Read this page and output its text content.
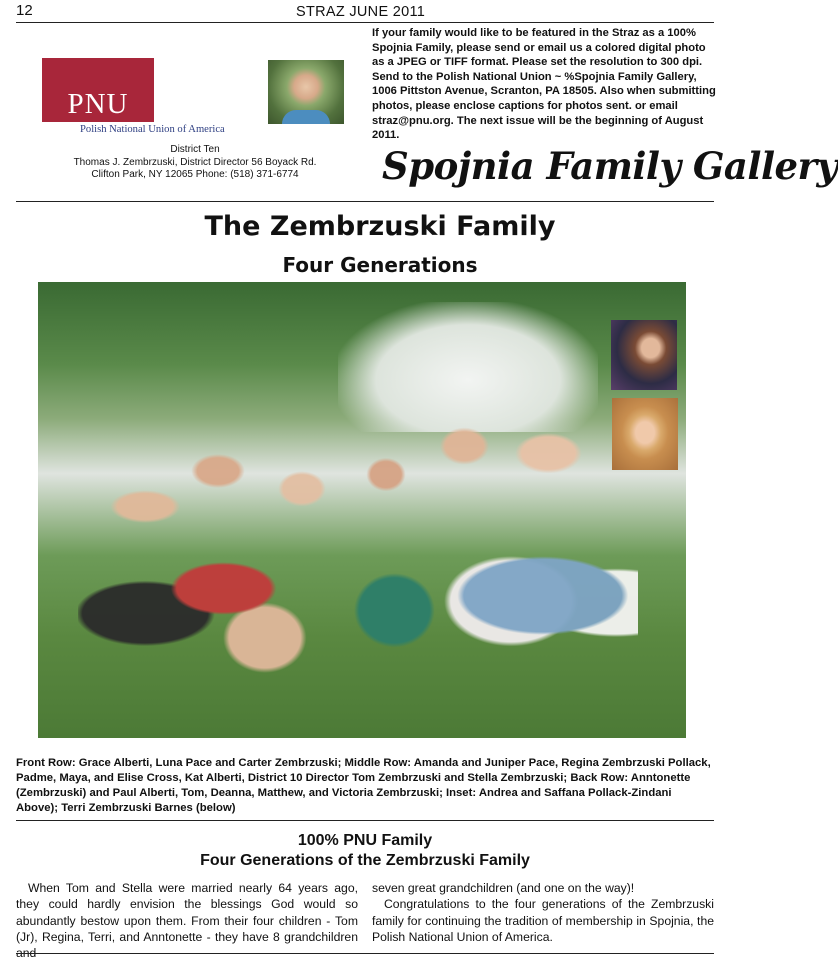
12	STRAZ JUNE 2011
If your family would like to be featured in the Straz as a 100% Spojnia Family, please send or email us a colored digital photo as a JPEG or TIFF format. Please set the resolution to 300 dpi. Send to the Polish National Union ~ %Spojnia Family Gallery, 1006 Pittston Avenue, Scranton, PA 18505. Also when submitting photos, please enclose captions for photos sent. or email straz@pnu.org. The next issue will be the beginning of August 2011.
PNU
Polish National Union of America
District Ten
Thomas J. Zembrzuski, District Director 56 Boyack Rd.
Clifton Park, NY 12065 Phone: (518) 371-6774	Spojnia Family Gallery
The Zembrzuski Family
Four Generations
Front Row: Grace Alberti, Luna Pace and Carter Zembrzuski; Middle Row: Amanda and Juniper Pace, Regina Zembrzuski Pollack, Padme, Maya, and Elise Cross, Kat Alberti, District 10 Director Tom Zembrzuski and Stella Zembrzuski; Back Row: Anntonette (Zembrzuski) and Paul Alberti, Tom, Deanna, Matthew, and Victoria Zembrzuski; Inset: Andrea and Saffana Pollack-Zindani Above); Terri Zembrzuski Barnes (below)
100% PNU Family
Four Generations of the Zembrzuski Family

When Tom and Stella were married nearly 64 years ago, they could hardly envision the blessings God would so abundantly bestow upon them. From their four children - Tom (Jr), Regina, Terri, and Anntonette - they have 8 grandchildren and

seven great grandchildren (and one on the way)!

Congratulations to the four generations of the Zembrzuski family for continuing the tradition of membership in Spojnia, the Polish National Union of America.
